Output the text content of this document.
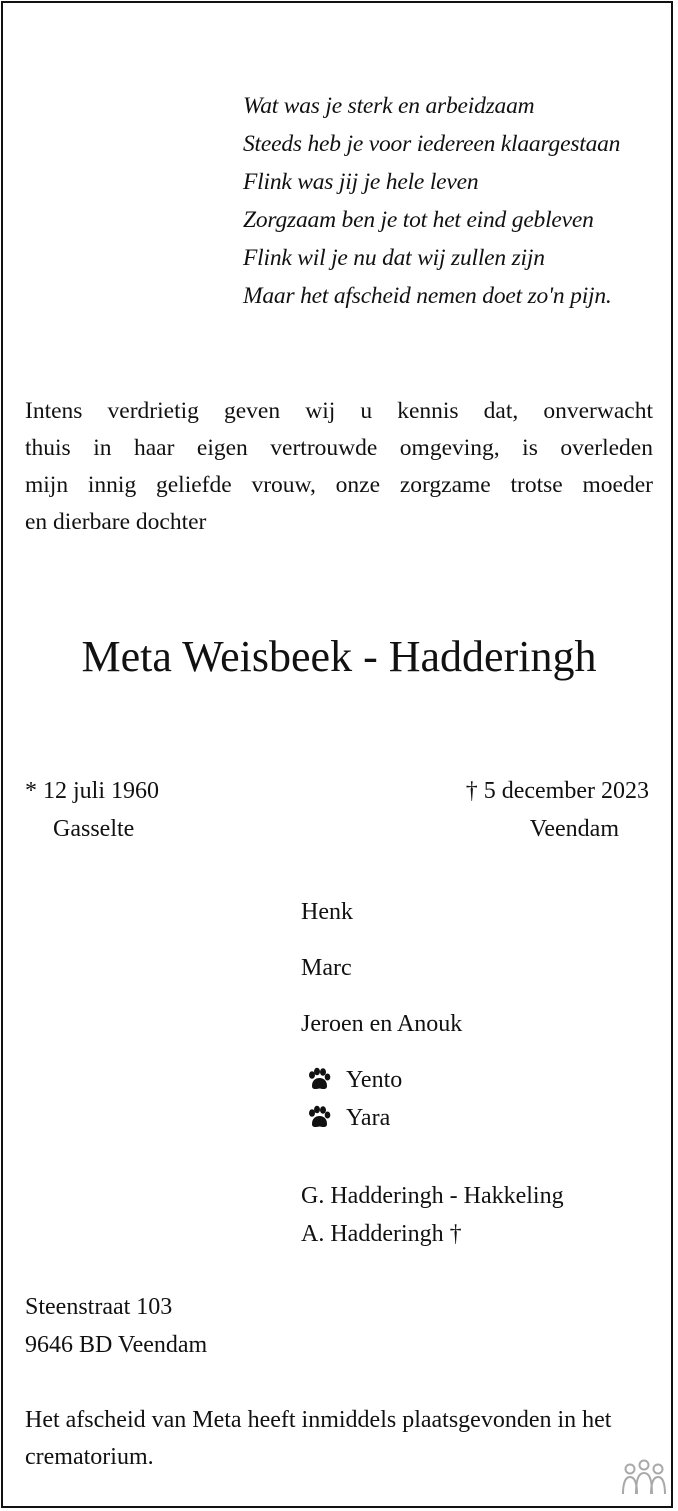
Wat was je sterk en arbeidzaam
Steeds heb je voor iedereen klaargestaan
Flink was jij je hele leven
Zorgzaam ben je tot het eind gebleven
Flink wil je nu dat wij zullen zijn
Maar het afscheid nemen doet zo'n pijn.
Intens verdrietig geven wij u kennis dat, onverwacht
thuis in haar eigen vertrouwde omgeving, is overleden
mijn innig geliefde vrouw, onze zorgzame trotse moeder
en dierbare dochter
Meta Weisbeek - Hadderingh
* 12 juli 1960
Gasselte
† 5 december 2023
Veendam
Henk
Marc
Jeroen en Anouk
Yento
Yara
G. Hadderingh - Hakkeling
A. Hadderingh †
Steenstraat 103
9646 BD Veendam
Het afscheid van Meta heeft inmiddels plaatsgevonden in het crematorium.
